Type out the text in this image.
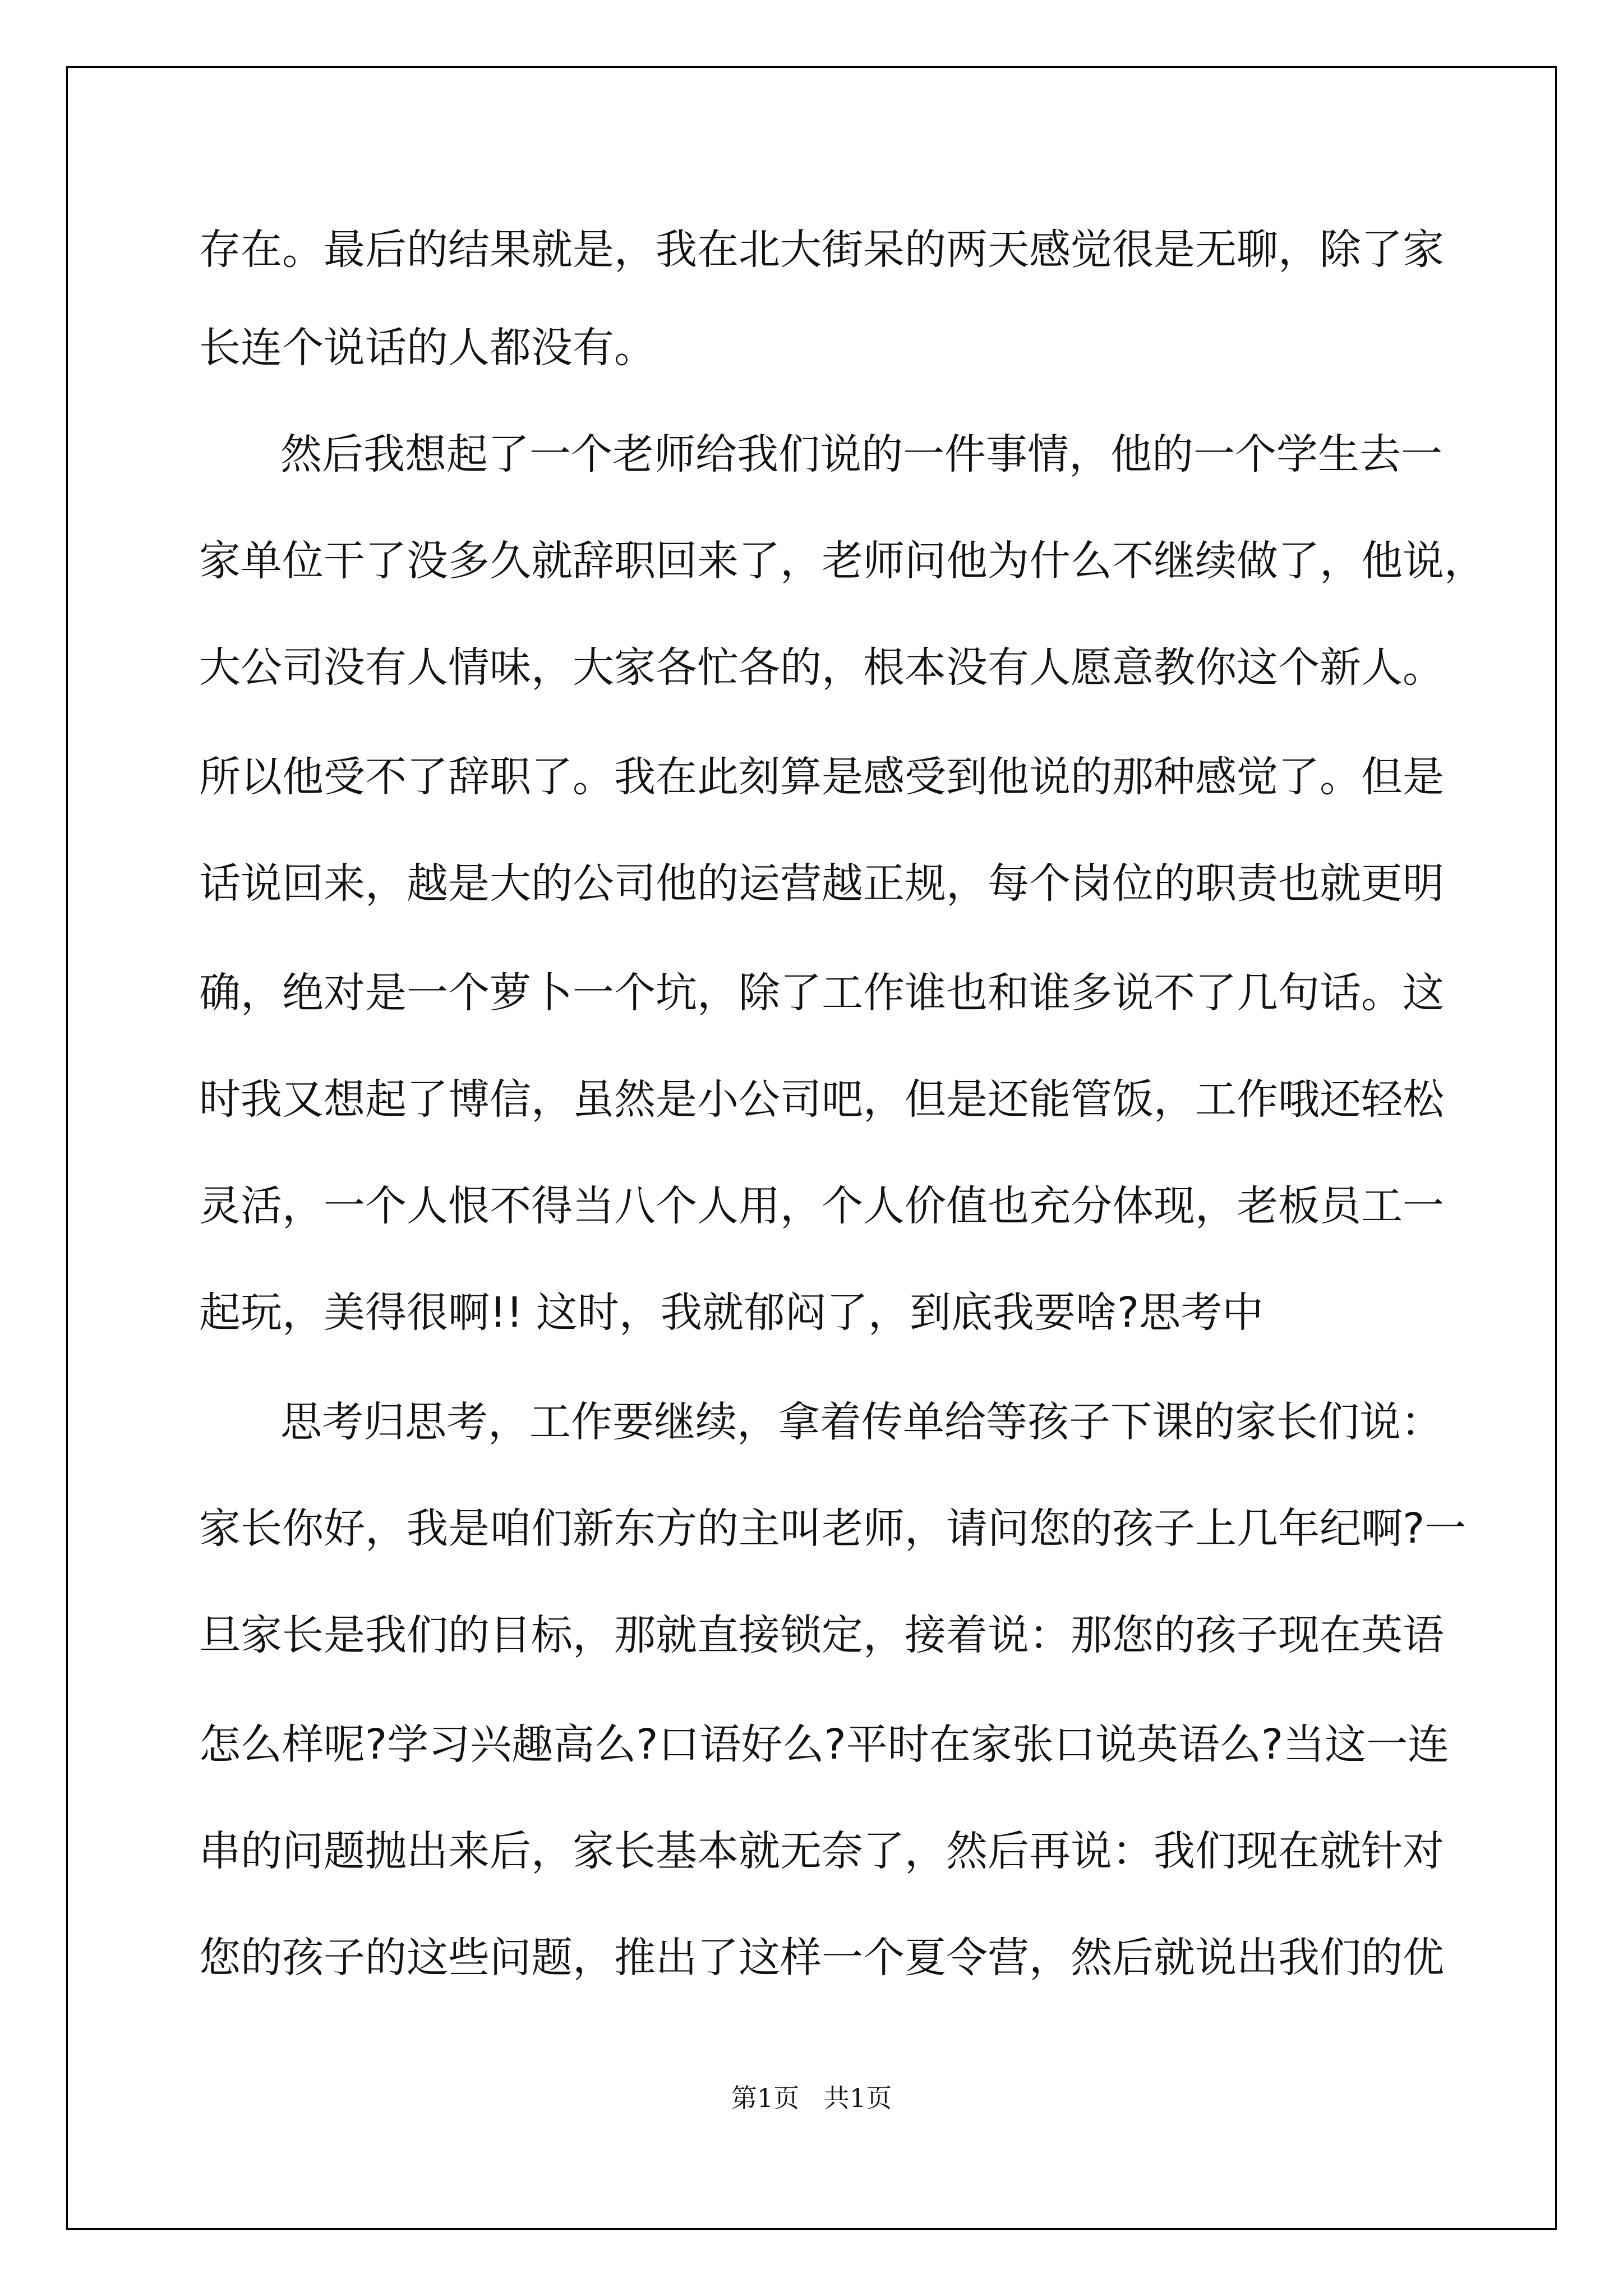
存在。最后的结果就是，我在北大街呆的两天感觉很是无聊，除了家
长连个说话的人都没有。
然后我想起了一个老师给我们说的一件事情，他的一个学生去一
家单位干了没多久就辞职回来了，老师问他为什么不继续做了，他说，
大公司没有人情味，大家各忙各的，根本没有人愿意教你这个新人。
所以他受不了辞职了。我在此刻算是感受到他说的那种感觉了。但是
话说回来，越是大的公司他的运营越正规，每个岗位的职责也就更明
确，绝对是一个萝卜一个坑，除了工作谁也和谁多说不了几句话。这
时我又想起了博信，虽然是小公司吧，但是还能管饭，工作哦还轻松
灵活，一个人恨不得当八个人用，个人价值也充分体现，老板员工一
起玩，美得很啊!! 这时，我就郁闷了，到底我要啥?思考中
思考归思考，工作要继续，拿着传单给等孩子下课的家长们说：
家长你好，我是咱们新东方的主叫老师，请问您的孩子上几年纪啊?一
旦家长是我们的目标，那就直接锁定，接着说：那您的孩子现在英语
怎么样呢?学习兴趣高么?口语好么?平时在家张口说英语么?当这一连
串的问题抛出来后，家长基本就无奈了，然后再说：我们现在就针对
您的孩子的这些问题，推出了这样一个夏令营，然后就说出我们的优
第1页   共1页
